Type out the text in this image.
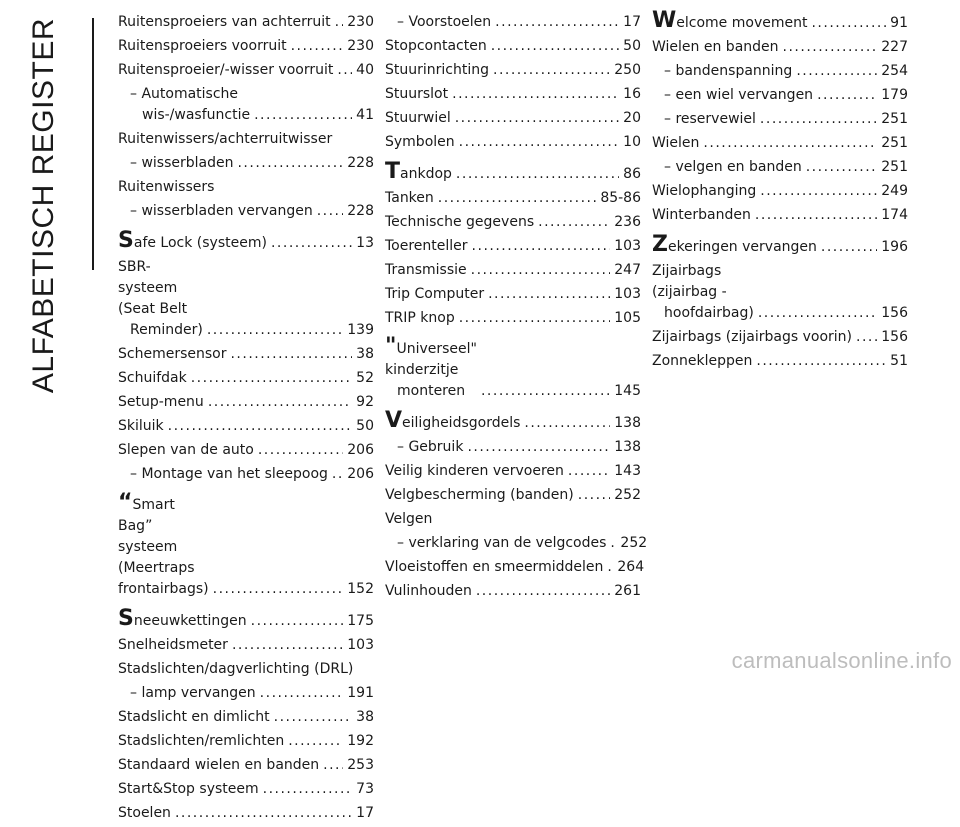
ALFABETISCH REGISTER	Ruitensproeiers van achterruit ..... 230
Ruitensproeiers voorruit .....	230
Ruitensproeier/-wisser voorruit ..... 40
– Automatische
wis-/wasfunctie .....	41
Ruitenwissers/achterruitwisser
– wisserbladen .....	228
Ruitenwissers
– wisserbladen vervangen ..... 228
Safe Lock (systeem) .....	13
SBR-systeem (Seat Belt
Reminder) .....	139
Schemersensor .....	38
Schuifdak .....	52
Setup-menu .....	92
Skiluik .....	50
Slepen van de auto .....	206
– Montage van het sleepoog ..... 206
“Smart Bag” systeem
(Meertraps frontairbags) .....	152
Sneeuwkettingen .....	175
Snelheidsmeter .....	103
Stadslichten/dagverlichting (DRL)
– lamp vervangen .....	191
Stadslicht en dimlicht .....	38
Stadslichten/remlichten .....	192
Standaard wielen en banden ..... 253
Start&Stop systeem .....	73
Stoelen .....	17
– Voorstoelen .....	17
Stopcontacten .....	50
Stuurinrichting .....	250
Stuurslot .....	16
Stuurwiel .....	20
Symbolen .....	10
Tankdop .....	86
Tanken .....	85-86
Technische gegevens .....	236
Toerenteller .....	103
Transmissie .....	247
Trip Computer .....	103
TRIP knop .....	105
"Universeel" kinderzitje
monteren .....	145
Veiligheidsgordels .....	138
– Gebruik .....	138
Veilig kinderen vervoeren .....	143
Velgbescherming (banden) .....	252
Velgen
– verklaring van de velgcodes ..... 252
Vloeistoffen en smeermiddelen ..... 264
Vulinhouden .....	261
Welcome movement .....	91
Wielen en banden .....	227
– bandenspanning .....	254
– een wiel vervangen .....	179
– reservewiel .....	251
Wielen .....	251
– velgen en banden .....	251
Wielophanging .....	249
Winterbanden .....	174
Zekeringen vervangen .....	196
Zijairbags (zijairbag -
hoofdairbag) .....	156
Zijairbags (zijairbags voorin) ..... 156
Zonnekleppen .....	51
carmanualsonline.info
